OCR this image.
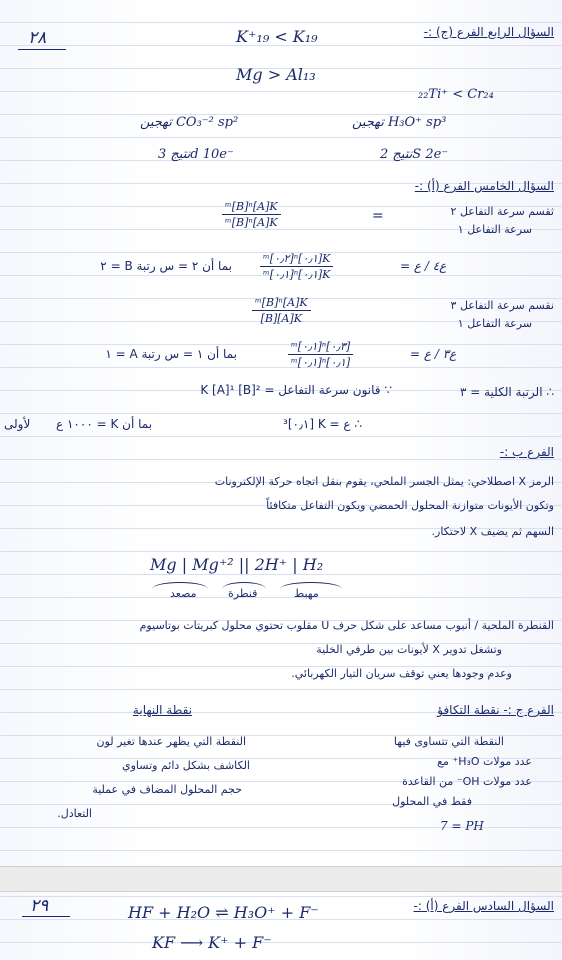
٢٨	السؤال الرابع الفرع (ج) :-
K⁺₁₉ < K₁₉
Mg > Al₁₃
₂₂Ti⁺ < Cr₂₄
تهجين CO₃⁻² sp²	تهجين H₃O⁺ sp³
نتيج 3d 10e⁻	نتيج 2S 2e⁻
السؤال الخامس الفرع (أ) :-
ثقسم سرعة التفاعل ٢
سرعة التفاعل ١
$\frac{\text{ᵐ[B]ⁿ[A]K}}{\text{ᵐ[B]ⁿ[A]K}}$	=
$\frac{\text{ᵐ[٠٫٢]ⁿ[٠٫١]K}}{\text{ᵐ[٠٫١]ⁿ[٠٫١]K}}$	= ع٤ / ع
بما أن ٢ = س رتبة B = ٢
نقسم سرعة التفاعل ٣
سرعة التفاعل ١
$\frac{\text{ᵐ[B]ⁿ[A]K}}{[B][A]K}$
$\frac{\text{ᵐ[٠٫١]ⁿ[٠٫٣]}}{\text{ᵐ[٠٫١]ⁿ[٠٫١]}}$	= ع٣ / ع
بما أن ١ = س رتبة A = ١
∴ الرتبة الكلية = ٣
∵ قانون سرعة التفاعل = K [A]¹ [B]²
∴ ع = K [٠٫١]³
بما أن K = ١٠٠٠ ع
لأولى
الفرع ب :-
الرمز X اصطلاحي: يمثل الجسر الملحي، يقوم بنقل اتجاه حركة الإلكترونات
وتكون الأيونات متوازنة المحلول الحمضي ويكون التفاعل متكافئاً
السهم ثم يضيف X لاحتكار.
Mg | Mg⁺² || 2H⁺ | H₂
مصعد	قنطرة	مهبط
القنطرة الملحية / أنبوب مساعد على شكل حرف U مقلوب تحتوي محلول كبريتات بوتاسيوم
وتشغل تدوير X لأيونات بين طرفي الخلية
وعدم وجودها يعني توقف سريان التيار الكهربائي.
الفرع ج :- نقطة التكافؤ
نقطة النهاية
النقطة التي تتساوى فيها
عدد مولات H₃O⁺ مع
عدد مولات OH⁻ من القاعدة
فقط في المحلول
7 = PH
النقطة التي يظهر عندها تغير لون
الكاشف بشكل دائم وتساوي
حجم المحلول المضاف في عملية
التعادل.
٢٩	السؤال السادس الفرع (أ) :-
HF + H₂O ⇌ H₃O⁺ + F⁻
KF ⟶ K⁺ + F⁻
